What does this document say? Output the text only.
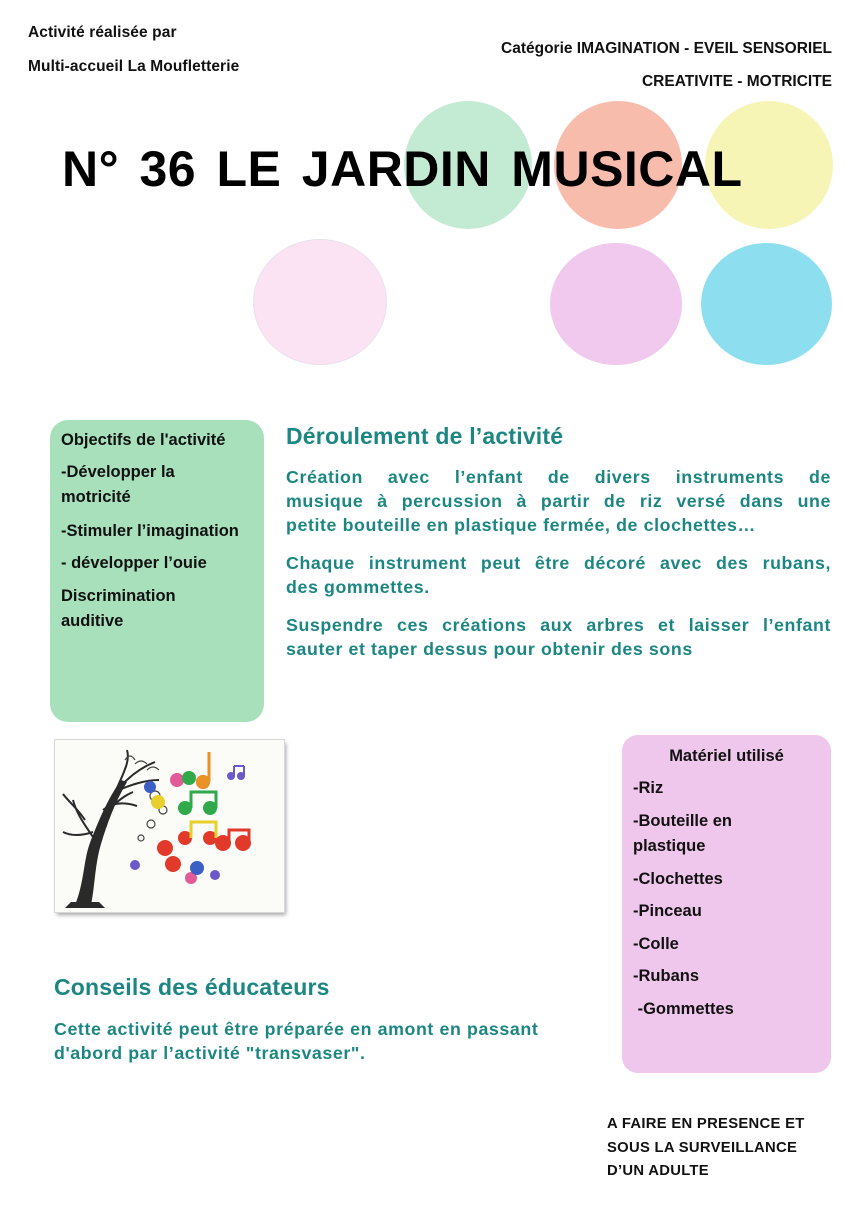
Activité réalisée par
Multi-accueil La Moufletterie
Catégorie IMAGINATION - EVEIL SENSORIEL
CREATIVITE - MOTRICITE
N° 36 LE JARDIN MUSICAL
Objectifs de l'activité
-Développer la
motricité
-Stimuler l’imagination
- développer l’ouie
Discrimination
auditive
Déroulement de l’activité
Création avec l’enfant de divers instruments de
musique à percussion à partir de riz versé dans une
petite bouteille en plastique fermée, de clochettes…
Chaque instrument peut être décoré avec des rubans,
des gommettes.
Suspendre ces créations aux arbres et laisser l’enfant
sauter et taper dessus pour obtenir des sons
Matériel utilisé
-Riz
-Bouteille en
plastique
-Clochettes
-Pinceau
-Colle
-Rubans
-Gommettes
Conseils des éducateurs
Cette activité peut être préparée en amont en passant
d'abord par l’activité "transvaser".
A FAIRE EN PRESENCE ET
SOUS LA SURVEILLANCE
D’UN ADULTE
